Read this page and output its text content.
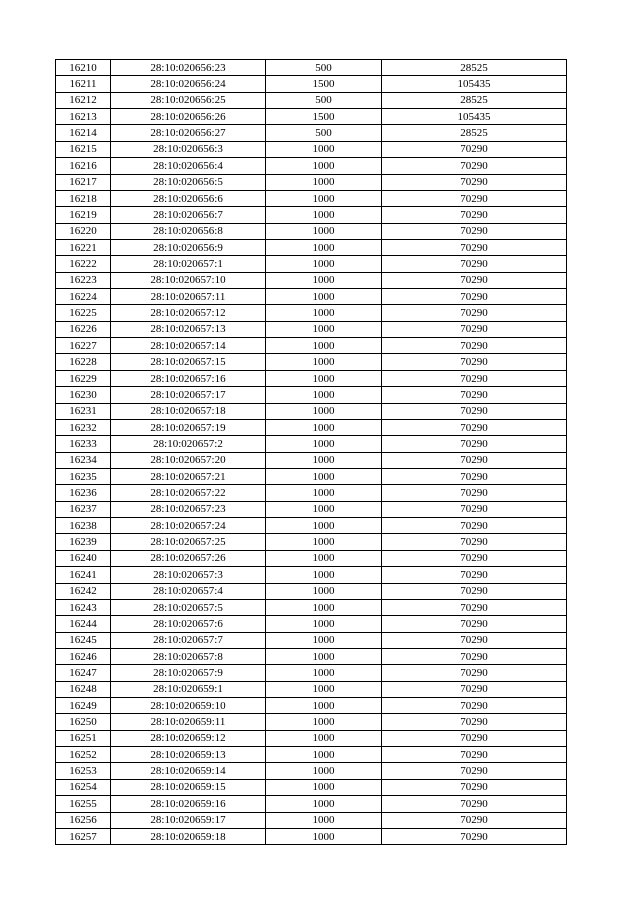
16210	28:10:020656:23	500	28525
16211	28:10:020656:24	1500	105435
16212	28:10:020656:25	500	28525
16213	28:10:020656:26	1500	105435
16214	28:10:020656:27	500	28525
16215	28:10:020656:3	1000	70290
16216	28:10:020656:4	1000	70290
16217	28:10:020656:5	1000	70290
16218	28:10:020656:6	1000	70290
16219	28:10:020656:7	1000	70290
16220	28:10:020656:8	1000	70290
16221	28:10:020656:9	1000	70290
16222	28:10:020657:1	1000	70290
16223	28:10:020657:10	1000	70290
16224	28:10:020657:11	1000	70290
16225	28:10:020657:12	1000	70290
16226	28:10:020657:13	1000	70290
16227	28:10:020657:14	1000	70290
16228	28:10:020657:15	1000	70290
16229	28:10:020657:16	1000	70290
16230	28:10:020657:17	1000	70290
16231	28:10:020657:18	1000	70290
16232	28:10:020657:19	1000	70290
16233	28:10:020657:2	1000	70290
16234	28:10:020657:20	1000	70290
16235	28:10:020657:21	1000	70290
16236	28:10:020657:22	1000	70290
16237	28:10:020657:23	1000	70290
16238	28:10:020657:24	1000	70290
16239	28:10:020657:25	1000	70290
16240	28:10:020657:26	1000	70290
16241	28:10:020657:3	1000	70290
16242	28:10:020657:4	1000	70290
16243	28:10:020657:5	1000	70290
16244	28:10:020657:6	1000	70290
16245	28:10:020657:7	1000	70290
16246	28:10:020657:8	1000	70290
16247	28:10:020657:9	1000	70290
16248	28:10:020659:1	1000	70290
16249	28:10:020659:10	1000	70290
16250	28:10:020659:11	1000	70290
16251	28:10:020659:12	1000	70290
16252	28:10:020659:13	1000	70290
16253	28:10:020659:14	1000	70290
16254	28:10:020659:15	1000	70290
16255	28:10:020659:16	1000	70290
16256	28:10:020659:17	1000	70290
16257	28:10:020659:18	1000	70290
